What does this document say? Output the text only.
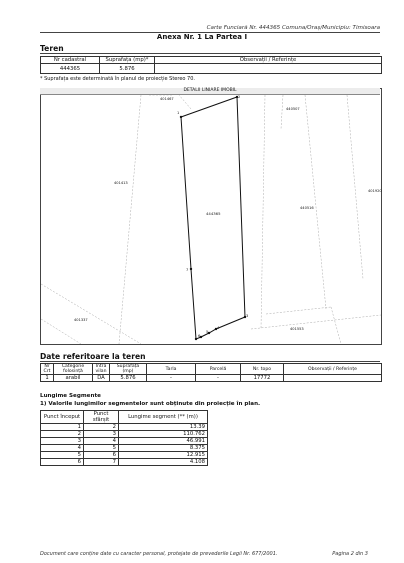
Carte Funciară Nr. 444365 Comuna/Oraș/Municipiu: Timisoara
Anexa Nr. 1 La Partea I
Teren
Nr cadastral	Suprafața (mp)*	Observații / Referințe
444365	5.876	
* Suprafața este determinată în planul de proiecție Stereo 70.
DETALII LINIARE IMOBIL
401467
440507
401413
444365
440516
401920
401337
401553
1
2
3
4
5
6
7
Date referitoare la teren
Nr Crt	Categorie folosință	Intra vilan	Suprafața (mp)	Tarla	Parcelă	Nr. topo	Observații / Referințe
1	arabil	DA	5.876	-	-	17772	
Lungime Segmente
1) Valorile lungimilor segmentelor sunt obținute din proiecție în plan.
Punct început	Punct sfârșit	Lungime segment (** (m))
1	2	13.39
2	3	110.762
3	4	46.991
4	5	8.375
5	6	12.915
6	7	4.108
Document care conține date cu caracter personal, protejate de prevederile Legii Nr. 677/2001.	Pagina 2 din 3
